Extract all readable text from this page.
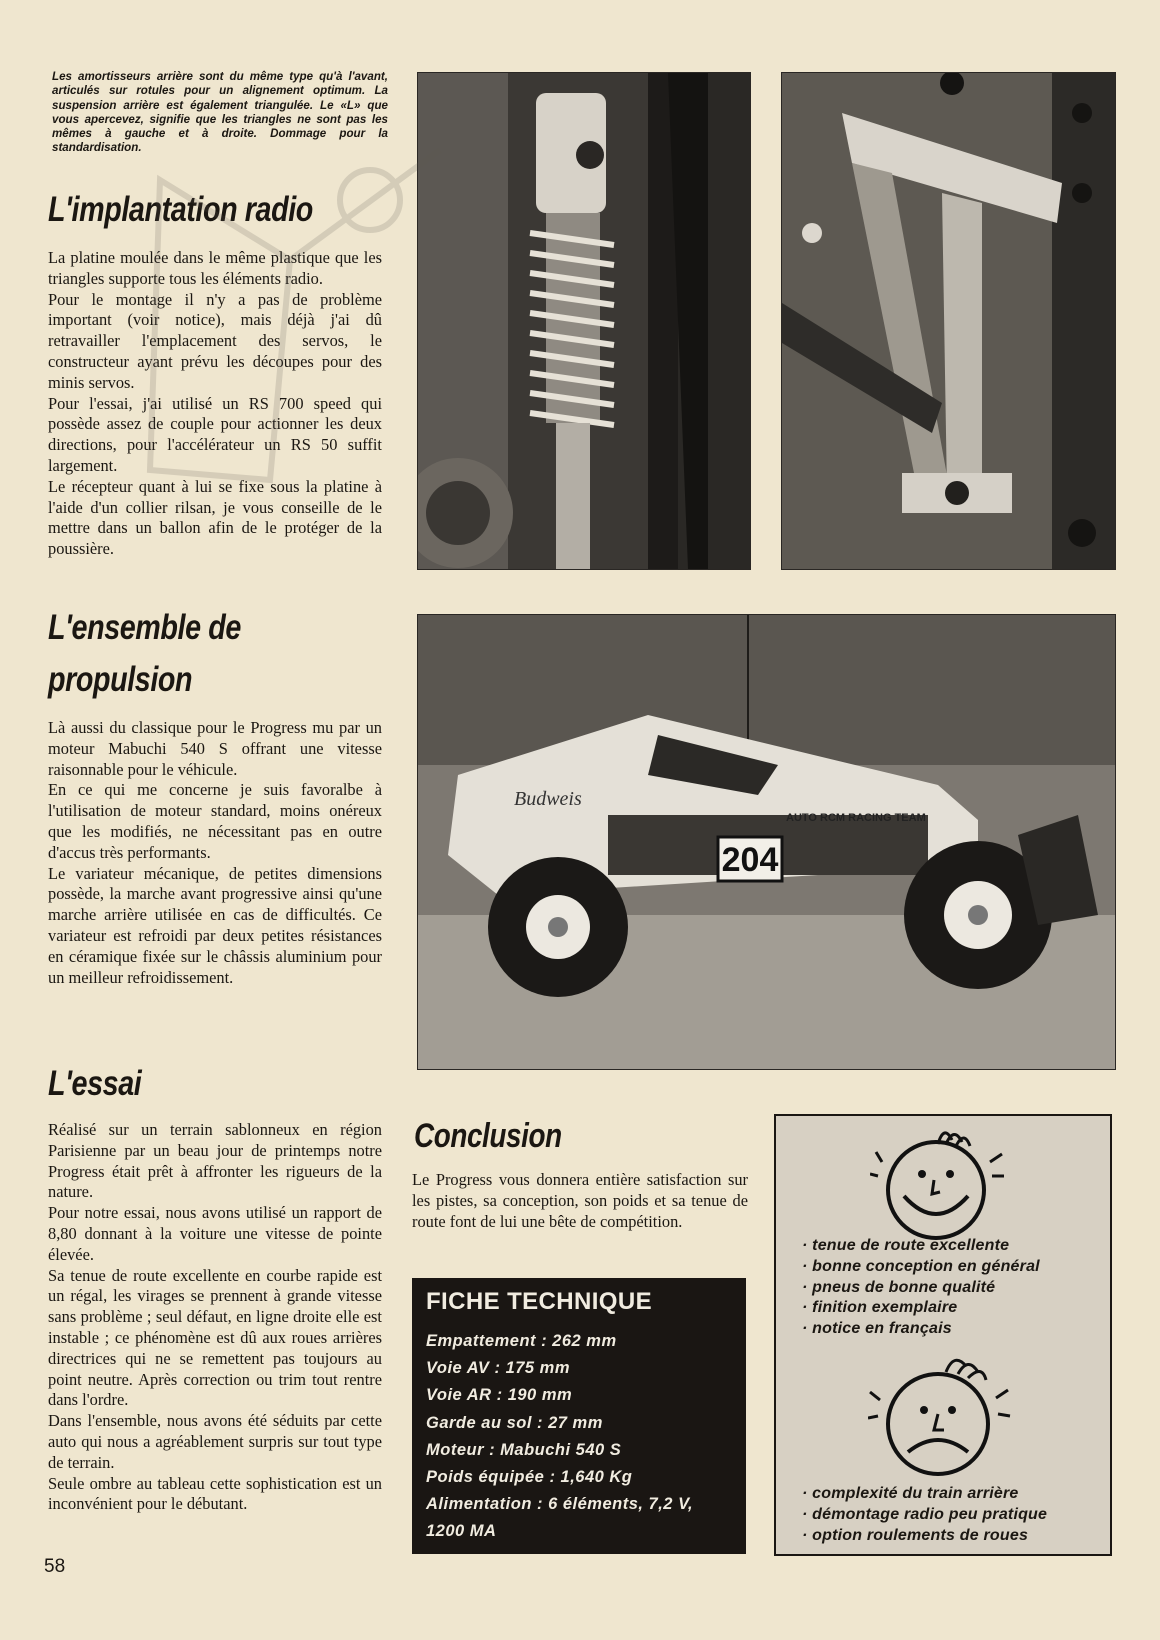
Les amortisseurs arrière sont du même type qu'à l'avant, articulés sur rotules pour un alignement optimum. La suspension arrière est également triangulée. Le «L» que vous apercevez, signifie que les triangles ne sont pas les mêmes à gauche et à droite. Dommage pour la standardisation.
L'implantation radio

La platine moulée dans le même plastique que les triangles supporte tous les éléments radio.

Pour le montage il n'y a pas de problème important (voir notice), mais déjà j'ai dû retravailler l'emplacement des servos, le constructeur ayant prévu les découpes pour des minis servos.

Pour l'essai, j'ai utilisé un RS 700 speed qui possède assez de couple pour actionner les deux directions, pour l'accélérateur un RS 50 suffit largement.

Le récepteur quant à lui se fixe sous la platine à l'aide d'un collier rilsan, je vous conseille de le mettre dans un ballon afin de le protéger de la poussière.

L'ensemble de
propulsion

Là aussi du classique pour le Progress mu par un moteur Mabuchi 540 S offrant une vitesse raisonnable pour le véhicule.

En ce qui me concerne je suis favoralbe à l'utilisation de moteur standard, moins onéreux que les modifiés, ne nécessitant pas en outre d'accus très performants.

Le variateur mécanique, de petites dimensions possède, la marche avant progressive ainsi qu'une marche arrière utilisée en cas de difficultés. Ce variateur est refroidi par deux petites résistances en céramique fixée sur le châssis aluminium pour un meilleur refroidissement.

L'essai

Réalisé sur un terrain sablonneux en région Parisienne par un beau jour de printemps notre Progress était prêt à affronter les rigueurs de la nature.

Pour notre essai, nous avons utilisé un rapport de 8,80 donnant à la voiture une vitesse de pointe élevée.

Sa tenue de route excellente en courbe rapide est un régal, les virages se prennent à grande vitesse sans problème ; seul défaut, en ligne droite elle est instable ; ce phénomène est dû aux roues arrières directrices qui ne se remettent pas toujours au point neutre. Après correction ou trim tout rentre dans l'ordre.

Dans l'ensemble, nous avons été séduits par cette auto qui nous a agréablement surpris sur tout type de terrain.

Seule ombre au tableau cette sophistication est un inconvénient pour le débutant.

204
Budweis
AUTO RCM RACING TEAM
Conclusion

Le Progress vous donnera entière satisfaction sur les pistes, sa conception, son poids et sa tenue de route font de lui une bête de compétition.

FICHE TECHNIQUE
Empattement : 262 mm
Voie AV : 175 mm
Voie AR : 190 mm
Garde au sol : 27 mm
Moteur : Mabuchi 540 S
Poids équipée : 1,640 Kg
Alimentation : 6 éléments, 7,2 V,
1200 MA
· tenue de route excellente
· bonne conception en général
· pneus de bonne qualité
· finition exemplaire
· notice en français
· complexité du train arrière
· démontage radio peu pratique
· option roulements de roues
58
